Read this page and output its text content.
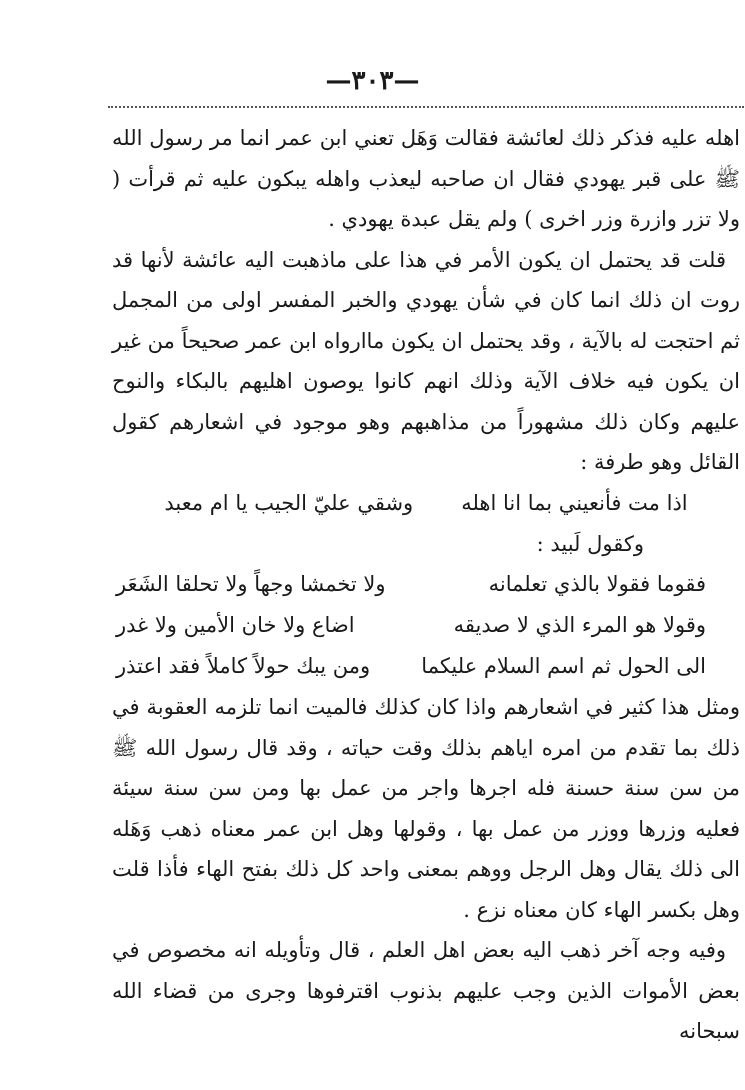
—٣٠٣—

اهله عليه فذكر ذلك لعائشة فقالت وَهَل تعني ابن عمر انما مر رسول الله ﷺ على قبر يهودي فقال ان صاحبه ليعذب واهله يبكون عليه ثم قرأت ( ولا تزر وازرة وزر اخرى ) ولم يقل عبدة يهودي .

قلت قد يحتمل ان يكون الأمر في هذا على ماذهبت اليه عائشة لأنها قد روت ان ذلك انما كان في شأن يهودي والخبر المفسر اولى من المجمل ثم احتجت له بالآية ، وقد يحتمل ان يكون ماارواه ابن عمر صحيحاً من غير ان يكون فيه خلاف الآية وذلك انهم كانوا يوصون اهليهم بالبكاء والنوح عليهم وكان ذلك مشهوراً من مذاهبهم وهو موجود في اشعارهم كقول القائل وهو طرفة :

اذا مت فأنعيني بما انا اهله
وشقي عليّ الجيب يا ام معبد
وكقول لَبيد :
فقوما فقولا بالذي تعلمانه
ولا تخمشا وجهاً ولا تحلقا الشَعَر
وقولا هو المرء الذي لا صديقه
اضاع ولا خان الأمين ولا غدر
الى الحول ثم اسم السلام عليكما
ومن يبك حولاً كاملاً فقد اعتذر

ومثل هذا كثير في اشعارهم واذا كان كذلك فالميت انما تلزمه العقوبة في ذلك بما تقدم من امره اياهم بذلك وقت حياته ، وقد قال رسول الله ﷺ من سن سنة حسنة فله اجرها واجر من عمل بها ومن سن سنة سيئة فعليه وزرها ووزر من عمل بها ، وقولها وهل ابن عمر معناه ذهب وَهَله الى ذلك يقال وهل الرجل ووهم بمعنى واحد كل ذلك بفتح الهاء فأذا قلت وهل بكسر الهاء كان معناه نزع .

وفيه وجه آخر ذهب اليه بعض اهل العلم ، قال وتأويله انه مخصوص في بعض الأموات الذين وجب عليهم بذنوب اقترفوها وجرى من قضاء الله سبحانه
